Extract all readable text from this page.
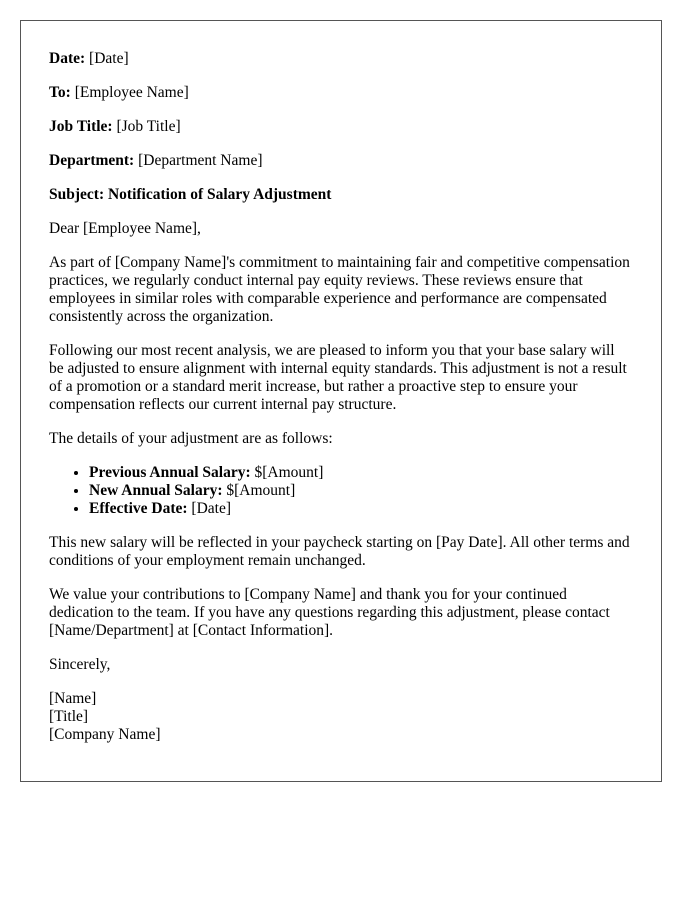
Date: [Date]

To: [Employee Name]

Job Title: [Job Title]

Department: [Department Name]

Subject: Notification of Salary Adjustment

Dear [Employee Name],

As part of [Company Name]'s commitment to maintaining fair and competitive compensation practices, we regularly conduct internal pay equity reviews. These reviews ensure that employees in similar roles with comparable experience and performance are compensated consistently across the organization.

Following our most recent analysis, we are pleased to inform you that your base salary will be adjusted to ensure alignment with internal equity standards. This adjustment is not a result of a promotion or a standard merit increase, but rather a proactive step to ensure your compensation reflects our current internal pay structure.

The details of your adjustment are as follows:

• Previous Annual Salary: $[Amount]
• New Annual Salary: $[Amount]
• Effective Date: [Date]

This new salary will be reflected in your paycheck starting on [Pay Date]. All other terms and conditions of your employment remain unchanged.

We value your contributions to [Company Name] and thank you for your continued dedication to the team. If you have any questions regarding this adjustment, please contact [Name/Department] at [Contact Information].

Sincerely,

[Name]
[Title]
[Company Name]
